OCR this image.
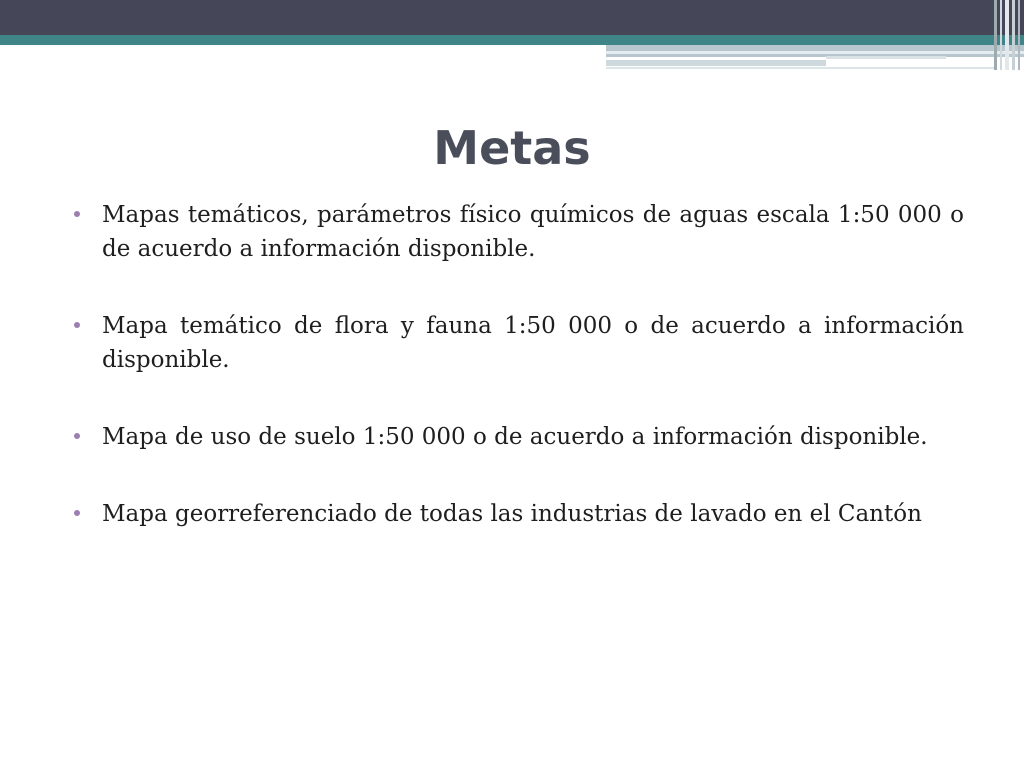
Metas
Mapas temáticos, parámetros físico químicos de aguas escala 1:50 000 o de acuerdo a información disponible.
Mapa temático de flora y fauna 1:50 000 o de acuerdo a información disponible.
Mapa de uso de suelo 1:50 000 o de acuerdo a información disponible.
Mapa georreferenciado de todas las industrias de lavado en el Cantón
